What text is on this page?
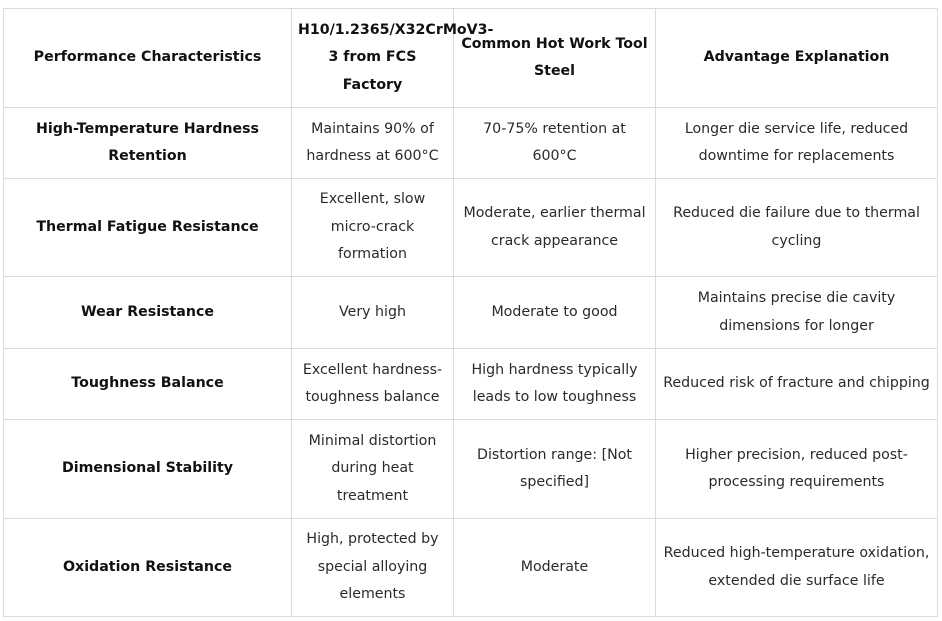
Performance Characteristics	H10/1.2365/X32CrMoV3-3 from FCS Factory	Common Hot Work Tool Steel	Advantage Explanation
High-Temperature Hardness Retention	Maintains 90% of hardness at 600°C	70-75% retention at 600°C	Longer die service life, reduced downtime for replacements
Thermal Fatigue Resistance	Excellent, slow micro-crack formation	Moderate, earlier thermal crack appearance	Reduced die failure due to thermal cycling
Wear Resistance	Very high	Moderate to good	Maintains precise die cavity dimensions for longer
Toughness Balance	Excellent hardness-toughness balance	High hardness typically leads to low toughness	Reduced risk of fracture and chipping
Dimensional Stability	Minimal distortion during heat treatment	Distortion range: [Not specified]	Higher precision, reduced post-processing requirements
Oxidation Resistance	High, protected by special alloying elements	Moderate	Reduced high-temperature oxidation, extended die surface life
